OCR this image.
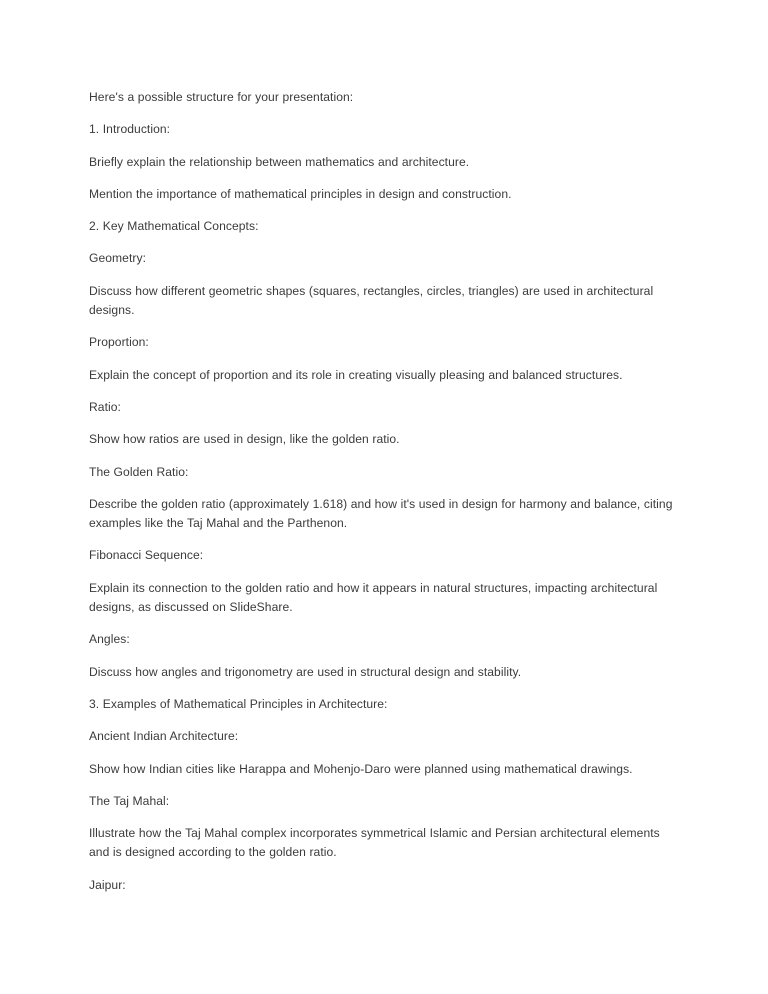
Here's a possible structure for your presentation:

1. Introduction:

Briefly explain the relationship between mathematics and architecture.

Mention the importance of mathematical principles in design and construction.

2. Key Mathematical Concepts:

Geometry:

Discuss how different geometric shapes (squares, rectangles, circles, triangles) are used in architectural designs.

Proportion:

Explain the concept of proportion and its role in creating visually pleasing and balanced structures.

Ratio:

Show how ratios are used in design, like the golden ratio.

The Golden Ratio:

Describe the golden ratio (approximately 1.618) and how it's used in design for harmony and balance, citing examples like the Taj Mahal and the Parthenon.

Fibonacci Sequence:

Explain its connection to the golden ratio and how it appears in natural structures, impacting architectural designs, as discussed on SlideShare.

Angles:

Discuss how angles and trigonometry are used in structural design and stability.

3. Examples of Mathematical Principles in Architecture:

Ancient Indian Architecture:

Show how Indian cities like Harappa and Mohenjo-Daro were planned using mathematical drawings.

The Taj Mahal:

Illustrate how the Taj Mahal complex incorporates symmetrical Islamic and Persian architectural elements and is designed according to the golden ratio.

Jaipur:
